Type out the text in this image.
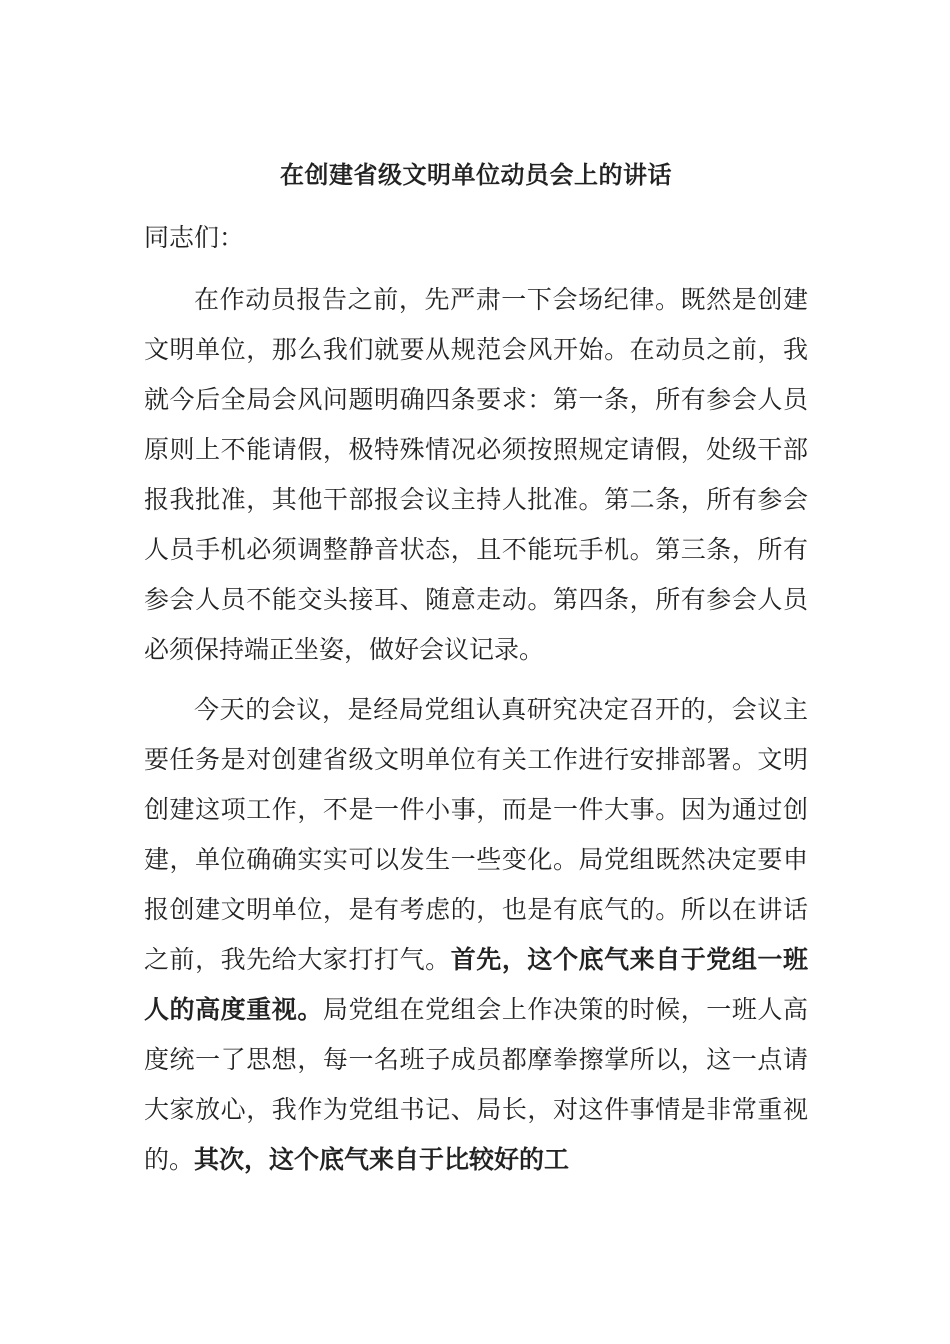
在创建省级文明单位动员会上的讲话
同志们：

在作动员报告之前，先严肃一下会场纪律。既然是创建文明单位，那么我们就要从规范会风开始。在动员之前，我就今后全局会风问题明确四条要求：第一条，所有参会人员原则上不能请假，极特殊情况必须按照规定请假，处级干部报我批准，其他干部报会议主持人批准。第二条，所有参会人员手机必须调整静音状态，且不能玩手机。第三条，所有参会人员不能交头接耳、随意走动。第四条，所有参会人员必须保持端正坐姿，做好会议记录。

今天的会议，是经局党组认真研究决定召开的，会议主要任务是对创建省级文明单位有关工作进行安排部署。文明创建这项工作，不是一件小事，而是一件大事。因为通过创建，单位确确实实可以发生一些变化。局党组既然决定要申报创建文明单位，是有考虑的，也是有底气的。所以在讲话之前，我先给大家打打气。首先，这个底气来自于党组一班人的高度重视。局党组在党组会上作决策的时候，一班人高度统一了思想，每一名班子成员都摩拳擦掌所以，这一点请大家放心，我作为党组书记、局长，对这件事情是非常重视的。其次，这个底气来自于比较好的工
